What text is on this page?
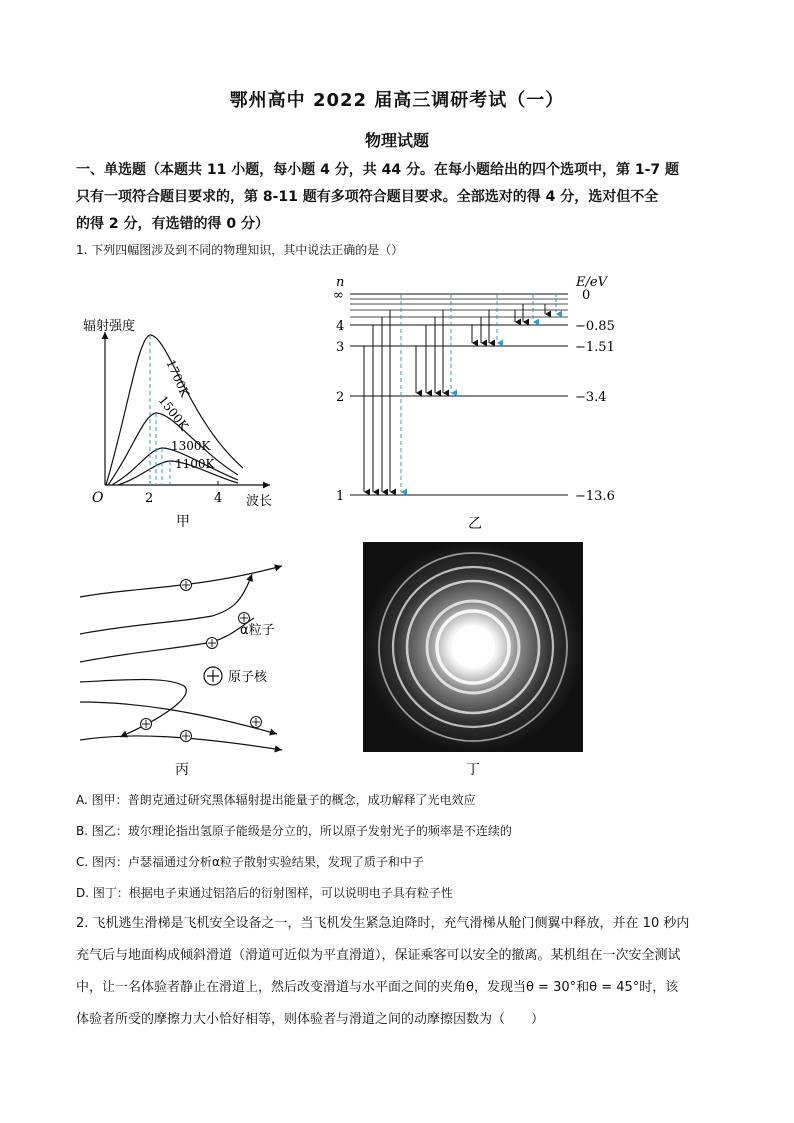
鄂州高中 2022 届高三调研考试（一）
物理试题
一、单选题（本题共 11 小题，每小题 4 分，共 44 分。在每小题给出的四个选项中，第 1-7 题
只有一项符合题目要求的，第 8-11 题有多项符合题目要求。全部选对的得 4 分，选对但不全
的得 2 分，有选错的得 0 分）
1. 下列四幅图涉及到不同的物理知识，其中说法正确的是（）
辐射强度
波长
O	2	4
1700K
1500K
1300K
1100K
甲
n
∞
E/eV
0
4	−0.85
3	−1.51
2	−3.4
1	−13.6
乙
α粒子
原子核
丙	丁
A. 图甲：普朗克通过研究黑体辐射提出能量子的概念，成功解释了光电效应
B. 图乙：玻尔理论指出氢原子能级是分立的，所以原子发射光子的频率是不连续的
C. 图丙：卢瑟福通过分析α粒子散射实验结果，发现了质子和中子
D. 图丁：根据电子束通过铝箔后的衍射图样，可以说明电子具有粒子性
2. 飞机逃生滑梯是飞机安全设备之一，当飞机发生紧急迫降时，充气滑梯从舱门侧翼中释放，并在 10 秒内
充气后与地面构成倾斜滑道（滑道可近似为平直滑道），保证乘客可以安全的撤离。某机组在一次安全测试
中，让一名体验者静止在滑道上，然后改变滑道与水平面之间的夹角θ，发现当θ = 30°和θ = 45°时，该
体验者所受的摩擦力大小恰好相等，则体验者与滑道之间的动摩擦因数为（　　）
